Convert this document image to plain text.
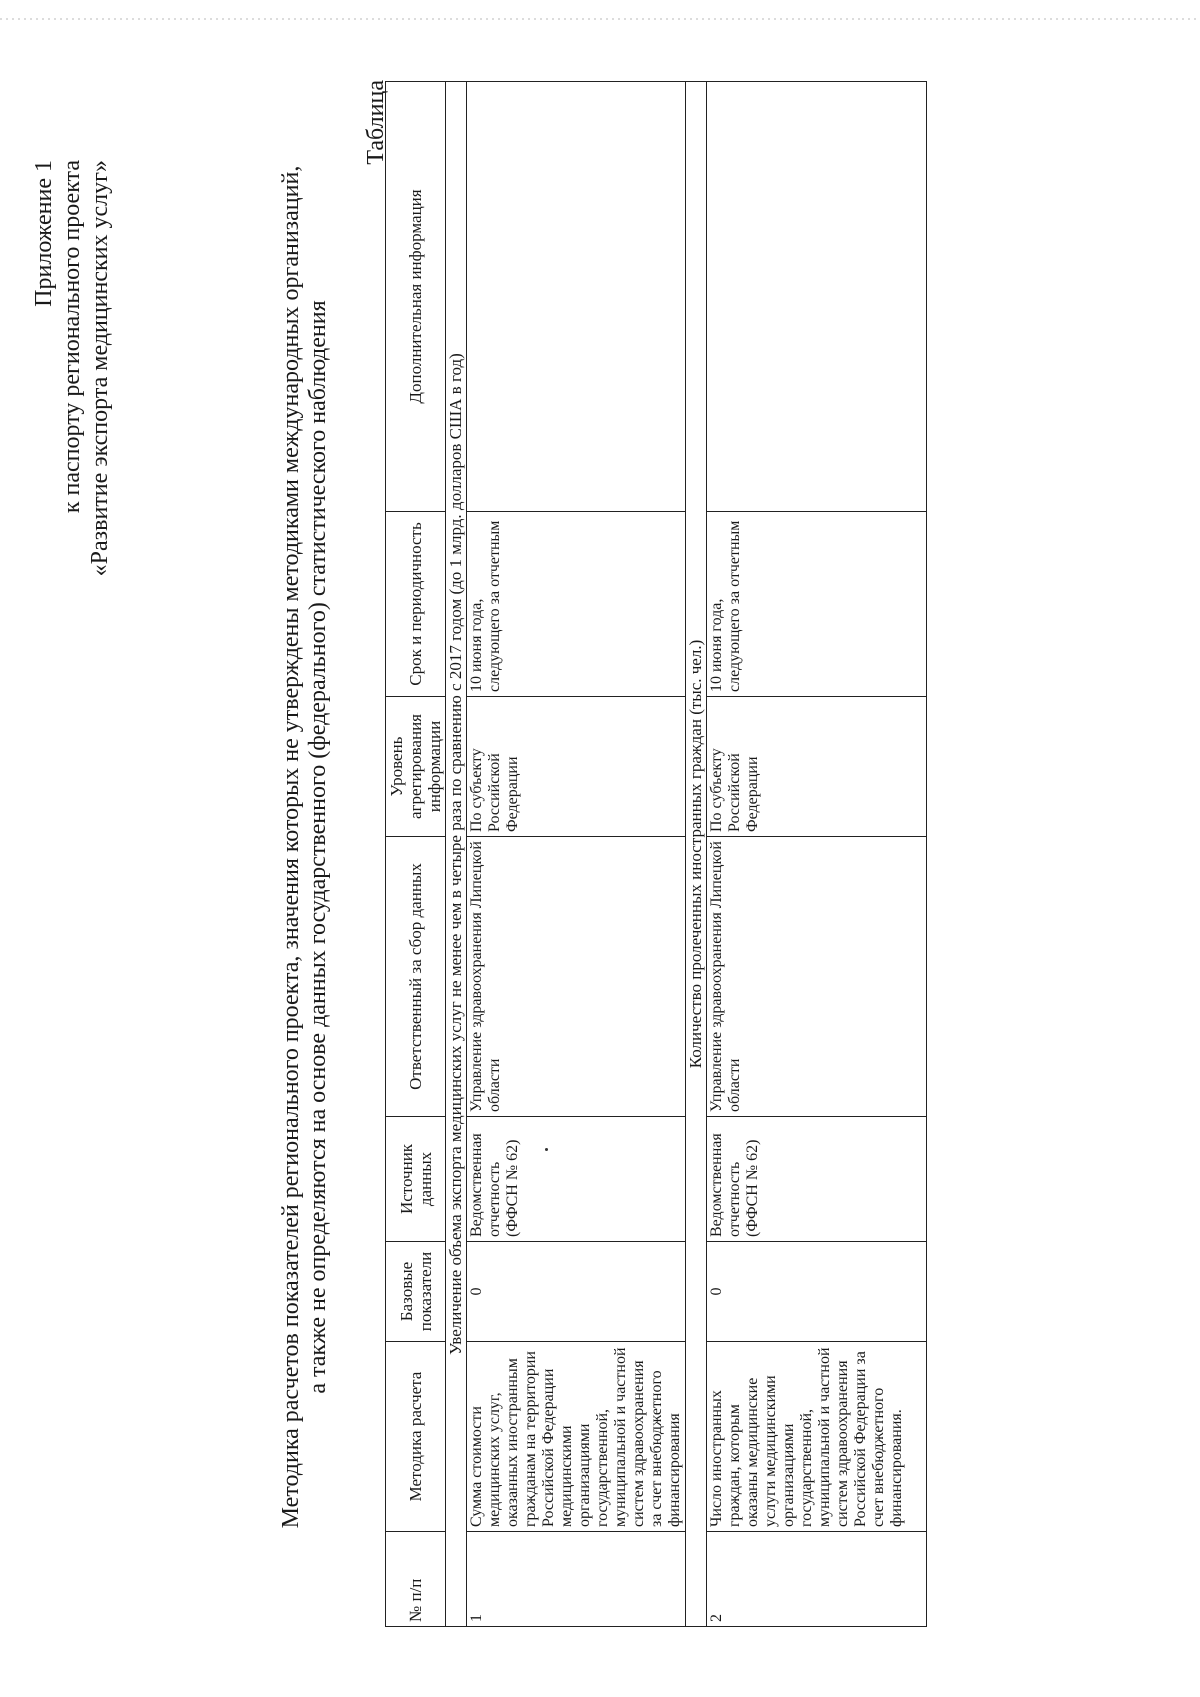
Приложение 1 к паспорту регионального проекта «Развитие экспорта медицинских услуг»	Методика расчетов показателей регионального проекта, значения которых не утверждены методиками международных организаций, а также не определяются на основе данных государственного (федерального) статистического наблюдения
Таблица
№ п/п	Методика расчета	Базовые показатели	Источник данных	Ответственный за сбор данных	Уровень агрегирования информации	Срок и периодичность	Дополнительная информация
Увеличение объема экспорта медицинских услуг не менее чем в четыре раза по сравнению с 2017 годом (до 1 млрд. долларов США в год)							
1	Сумма стоимости медицинских услуг, оказанных иностранным гражданам на территории Российской Федерации медицинскими организациями государственной, муниципальной и частной систем здравоохранения за счет внебюджетного финансирования	0	Ведомственная отчетность (ФФСН № 62)	Управление здравоохранения Липецкой области	По субъекту Российской Федерации	10 июня года, следующего за отчетным	
Количество пролеченных иностранных граждан (тыс. чел.)							
2	Число иностранных граждан, которым оказаны медицинские услуги медицинскими организациями государственной, муниципальной и частной систем здравоохранения Российской Федерации за счет внебюджетного финансирования.	0	Ведомственная отчетность (ФФСН № 62)	Управление здравоохранения Липецкой области	По субъекту Российской Федерации	10 июня года, следующего за отчетным	
